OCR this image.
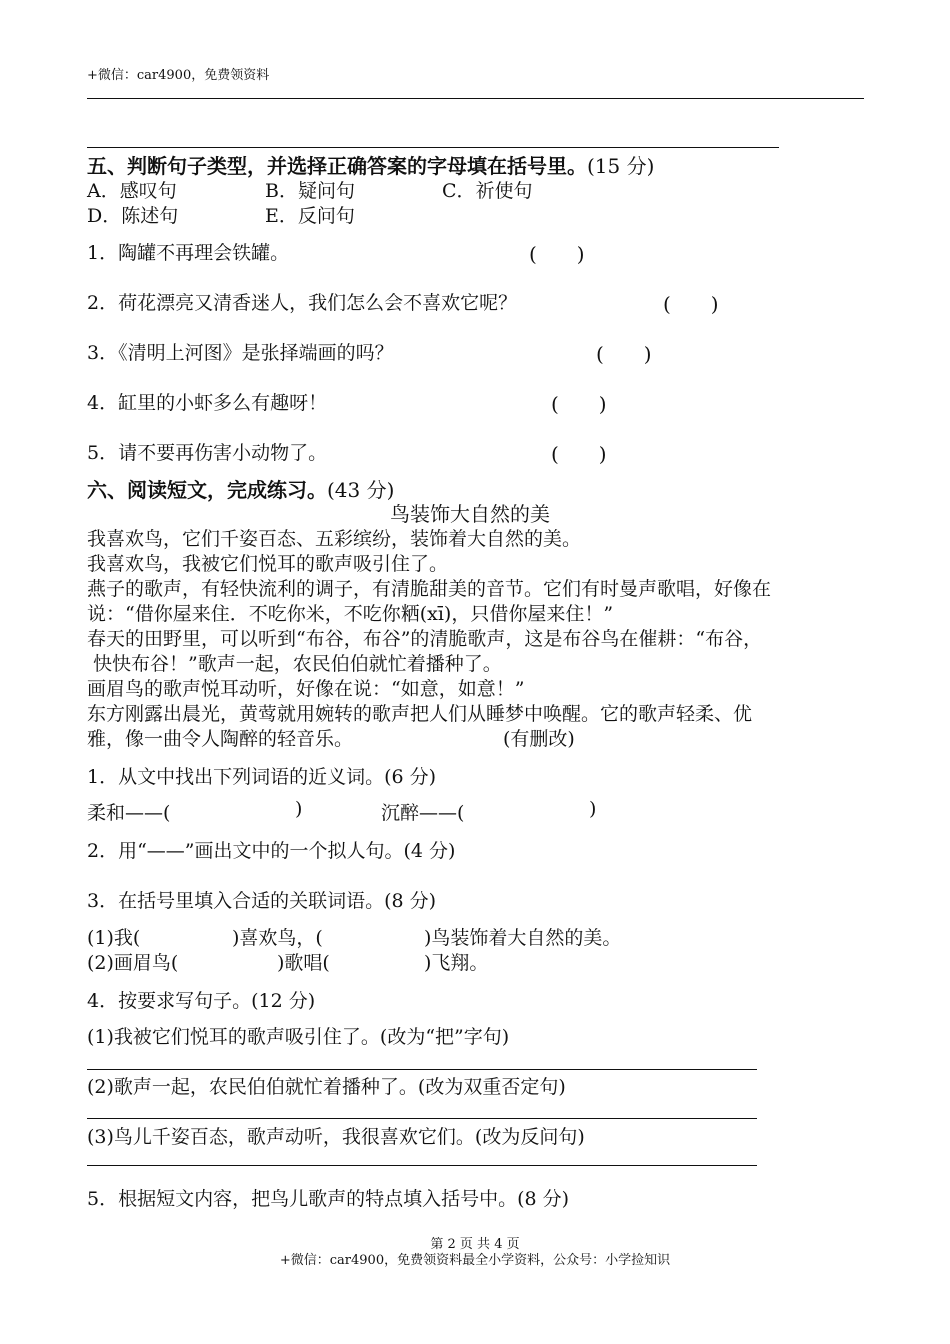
+微信：car4900，免费领资料
五、判断句子类型，并选择正确答案的字母填在括号里。(15 分)
A．感叹句	B．疑问句	C．祈使句
D．陈述句	E．反问句
1．陶罐不再理会铁罐。	(　　)
2．荷花漂亮又清香迷人，我们怎么会不喜欢它呢？	(　　)
3．《清明上河图》是张择端画的吗？	(　　)
4．缸里的小虾多么有趣呀！	(　　)
5．请不要再伤害小动物了。	(　　)
六、阅读短文，完成练习。(43 分)
鸟装饰大自然的美
我喜欢鸟，它们千姿百态、五彩缤纷，装饰着大自然的美。
我喜欢鸟，我被它们悦耳的歌声吸引住了。
燕子的歌声，有轻快流利的调子，有清脆甜美的音节。它们有时曼声歌唱，好像在
说：“借你屋来住．不吃你米，不吃你粞(xī)，只借你屋来住！”
春天的田野里，可以听到“布谷，布谷”的清脆歌声，这是布谷鸟在催耕：“布谷，
快快布谷！”歌声一起，农民伯伯就忙着播种了。
画眉鸟的歌声悦耳动听，好像在说：“如意，如意！”
东方刚露出晨光，黄莺就用婉转的歌声把人们从睡梦中唤醒。它的歌声轻柔、优
雅，像一曲令人陶醉的轻音乐。	(有删改)
1．从文中找出下列词语的近义词。(6 分)
柔和——(	)	沉醉——(	)
2．用“——”画出文中的一个拟人句。(4 分)
3．在括号里填入合适的关联词语。(8 分)
(1)我(	)喜欢鸟，(	)鸟装饰着大自然的美。
(2)画眉鸟(	)歌唱(	)飞翔。
4．按要求写句子。(12 分)
(1)我被它们悦耳的歌声吸引住了。(改为“把”字句)
(2)歌声一起，农民伯伯就忙着播种了。(改为双重否定句)
(3)鸟儿千姿百态，歌声动听，我很喜欢它们。(改为反问句)
5．根据短文内容，把鸟儿歌声的特点填入括号中。(8 分)
第 2 页 共 4 页
+微信：car4900，免费领资料最全小学资料，公众号：小学捡知识
